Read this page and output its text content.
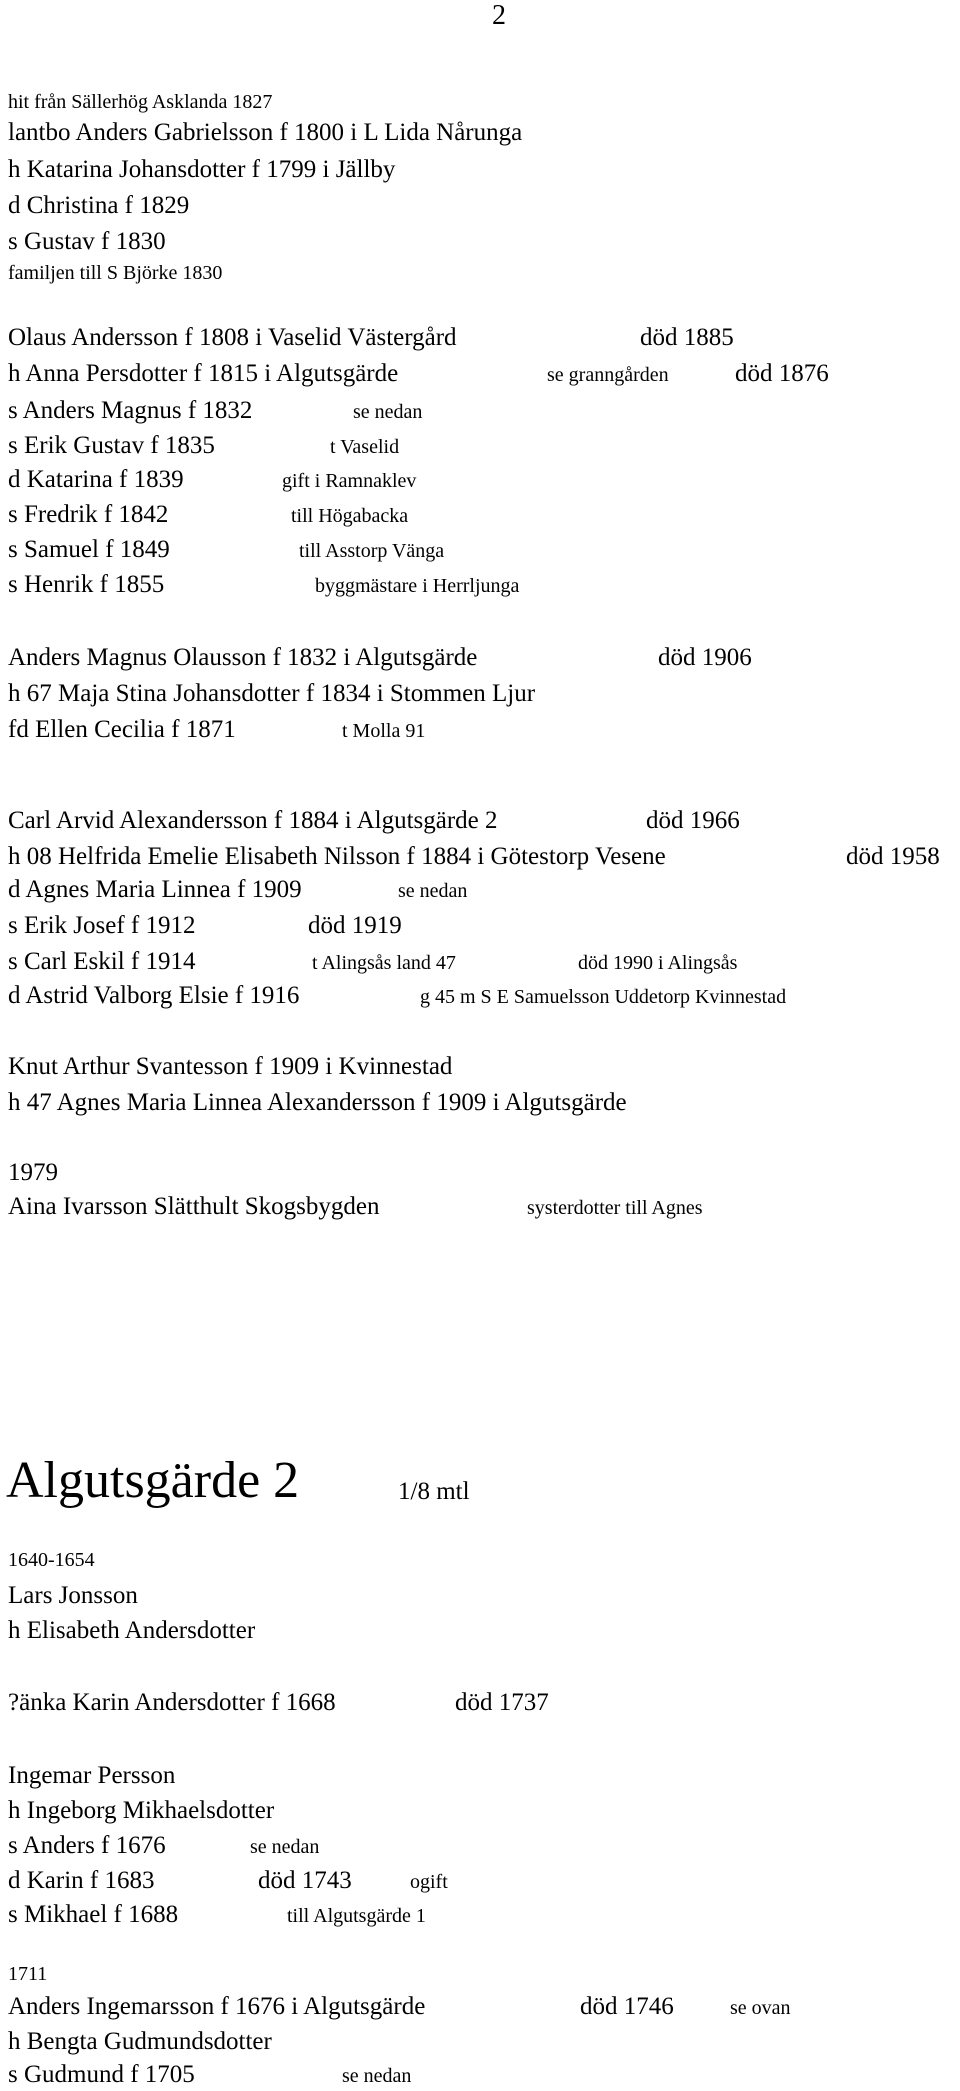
2
hit från Sällerhög Asklanda 1827
lantbo Anders Gabrielsson f 1800 i L Lida Nårunga
h Katarina Johansdotter f 1799 i Jällby
d Christina f 1829
s Gustav f 1830
familjen till S Björke 1830
Olaus Andersson f 1808 i Vaselid Västergård	död 1885
h Anna Persdotter f 1815 i Algutsgärde	se granngården	död 1876
s Anders Magnus f 1832	se nedan
s Erik Gustav f 1835	t Vaselid
d Katarina f 1839	gift i Ramnaklev
s Fredrik f 1842	till Högabacka
s Samuel f 1849	till Asstorp Vänga
s Henrik f 1855	byggmästare i Herrljunga
Anders Magnus Olausson f 1832 i Algutsgärde	död 1906
h 67 Maja Stina Johansdotter f 1834 i Stommen Ljur
fd Ellen Cecilia f 1871	t Molla 91
Carl Arvid Alexandersson f 1884 i Algutsgärde 2	död 1966
h 08 Helfrida Emelie Elisabeth Nilsson f 1884 i Götestorp Vesene	död 1958
d Agnes Maria Linnea f 1909	se nedan
s Erik Josef f 1912	död 1919
s Carl Eskil f 1914	t Alingsås land 47	död 1990 i Alingsås
d Astrid Valborg Elsie f 1916	g 45 m S E Samuelsson Uddetorp Kvinnestad
Knut Arthur Svantesson f 1909 i Kvinnestad
h 47 Agnes Maria Linnea Alexandersson f 1909 i Algutsgärde
1979
Aina Ivarsson Slätthult Skogsbygden	systerdotter till Agnes
Algutsgärde 2	1/8 mtl
1640-1654
Lars Jonsson
h Elisabeth Andersdotter
?änka Karin Andersdotter f 1668	död 1737
Ingemar Persson
h Ingeborg Mikhaelsdotter
s Anders f 1676	se nedan
d Karin f 1683	död 1743	ogift
s Mikhael f 1688	till Algutsgärde 1
1711
Anders Ingemarsson f 1676 i Algutsgärde	död 1746	se ovan
h Bengta Gudmundsdotter
s Gudmund f 1705	se nedan
